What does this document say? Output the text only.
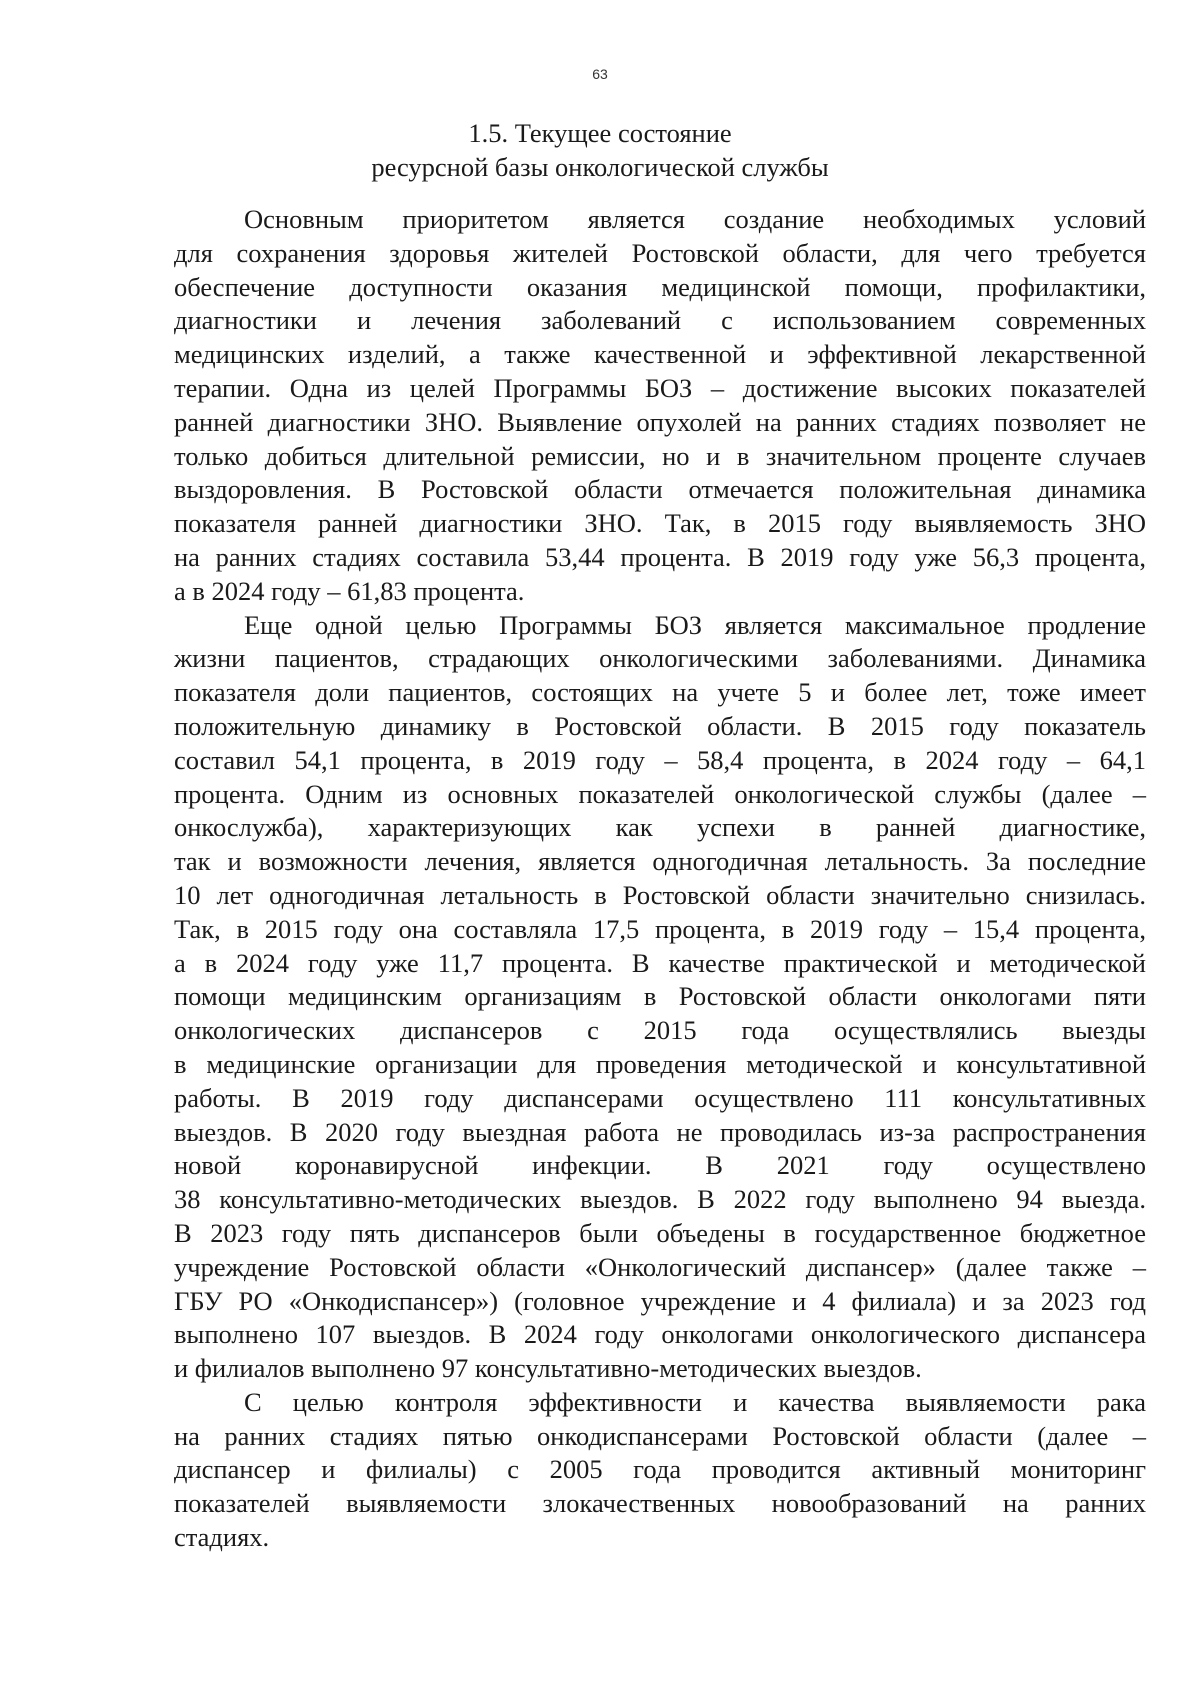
63
1.5. Текущее состояние
ресурсной базы онкологической службы
Основным приоритетом является создание необходимых условий
для сохранения здоровья жителей Ростовской области, для чего требуется
обеспечение доступности оказания медицинской помощи, профилактики,
диагностики и лечения заболеваний с использованием современных
медицинских изделий, а также качественной и эффективной лекарственной
терапии. Одна из целей Программы БОЗ – достижение высоких показателей
ранней диагностики ЗНО. Выявление опухолей на ранних стадиях позволяет не
только добиться длительной ремиссии, но и в значительном проценте случаев
выздоровления. В Ростовской области отмечается положительная динамика
показателя ранней диагностики ЗНО. Так, в 2015 году выявляемость ЗНО
на ранних стадиях составила 53,44 процента. В 2019 году уже 56,3 процента,
а в 2024 году – 61,83 процента.
Еще одной целью Программы БОЗ является максимальное продление
жизни пациентов, страдающих онкологическими заболеваниями. Динамика
показателя доли пациентов, состоящих на учете 5 и более лет, тоже имеет
положительную динамику в Ростовской области. В 2015 году показатель
составил 54,1 процента, в 2019 году – 58,4 процента, в 2024 году – 64,1
процента. Одним из основных показателей онкологической службы (далее –
онкослужба), характеризующих как успехи в ранней диагностике,
так и возможности лечения, является одногодичная летальность. За последние
10 лет одногодичная летальность в Ростовской области значительно снизилась.
Так, в 2015 году она составляла 17,5 процента, в 2019 году – 15,4 процента,
а в 2024 году уже 11,7 процента. В качестве практической и методической
помощи медицинским организациям в Ростовской области онкологами пяти
онкологических диспансеров с 2015 года осуществлялись выезды
в медицинские организации для проведения методической и консультативной
работы. В 2019 году диспансерами осуществлено 111 консультативных
выездов. В 2020 году выездная работа не проводилась из-за распространения
новой коронавирусной инфекции. В 2021 году осуществлено
38 консультативно-методических выездов. В 2022 году выполнено 94 выезда.
В 2023 году пять диспансеров были объедены в государственное бюджетное
учреждение Ростовской области «Онкологический диспансер» (далее также –
ГБУ РО «Онкодиспансер») (головное учреждение и 4 филиала) и за 2023 год
выполнено 107 выездов. В 2024 году онкологами онкологического диспансера
и филиалов выполнено 97 консультативно-методических выездов.
С целью контроля эффективности и качества выявляемости рака
на ранних стадиях пятью онкодиспансерами Ростовской области (далее –
диспансер и филиалы) с 2005 года проводится активный мониторинг
показателей выявляемости злокачественных новообразований на ранних
стадиях.
